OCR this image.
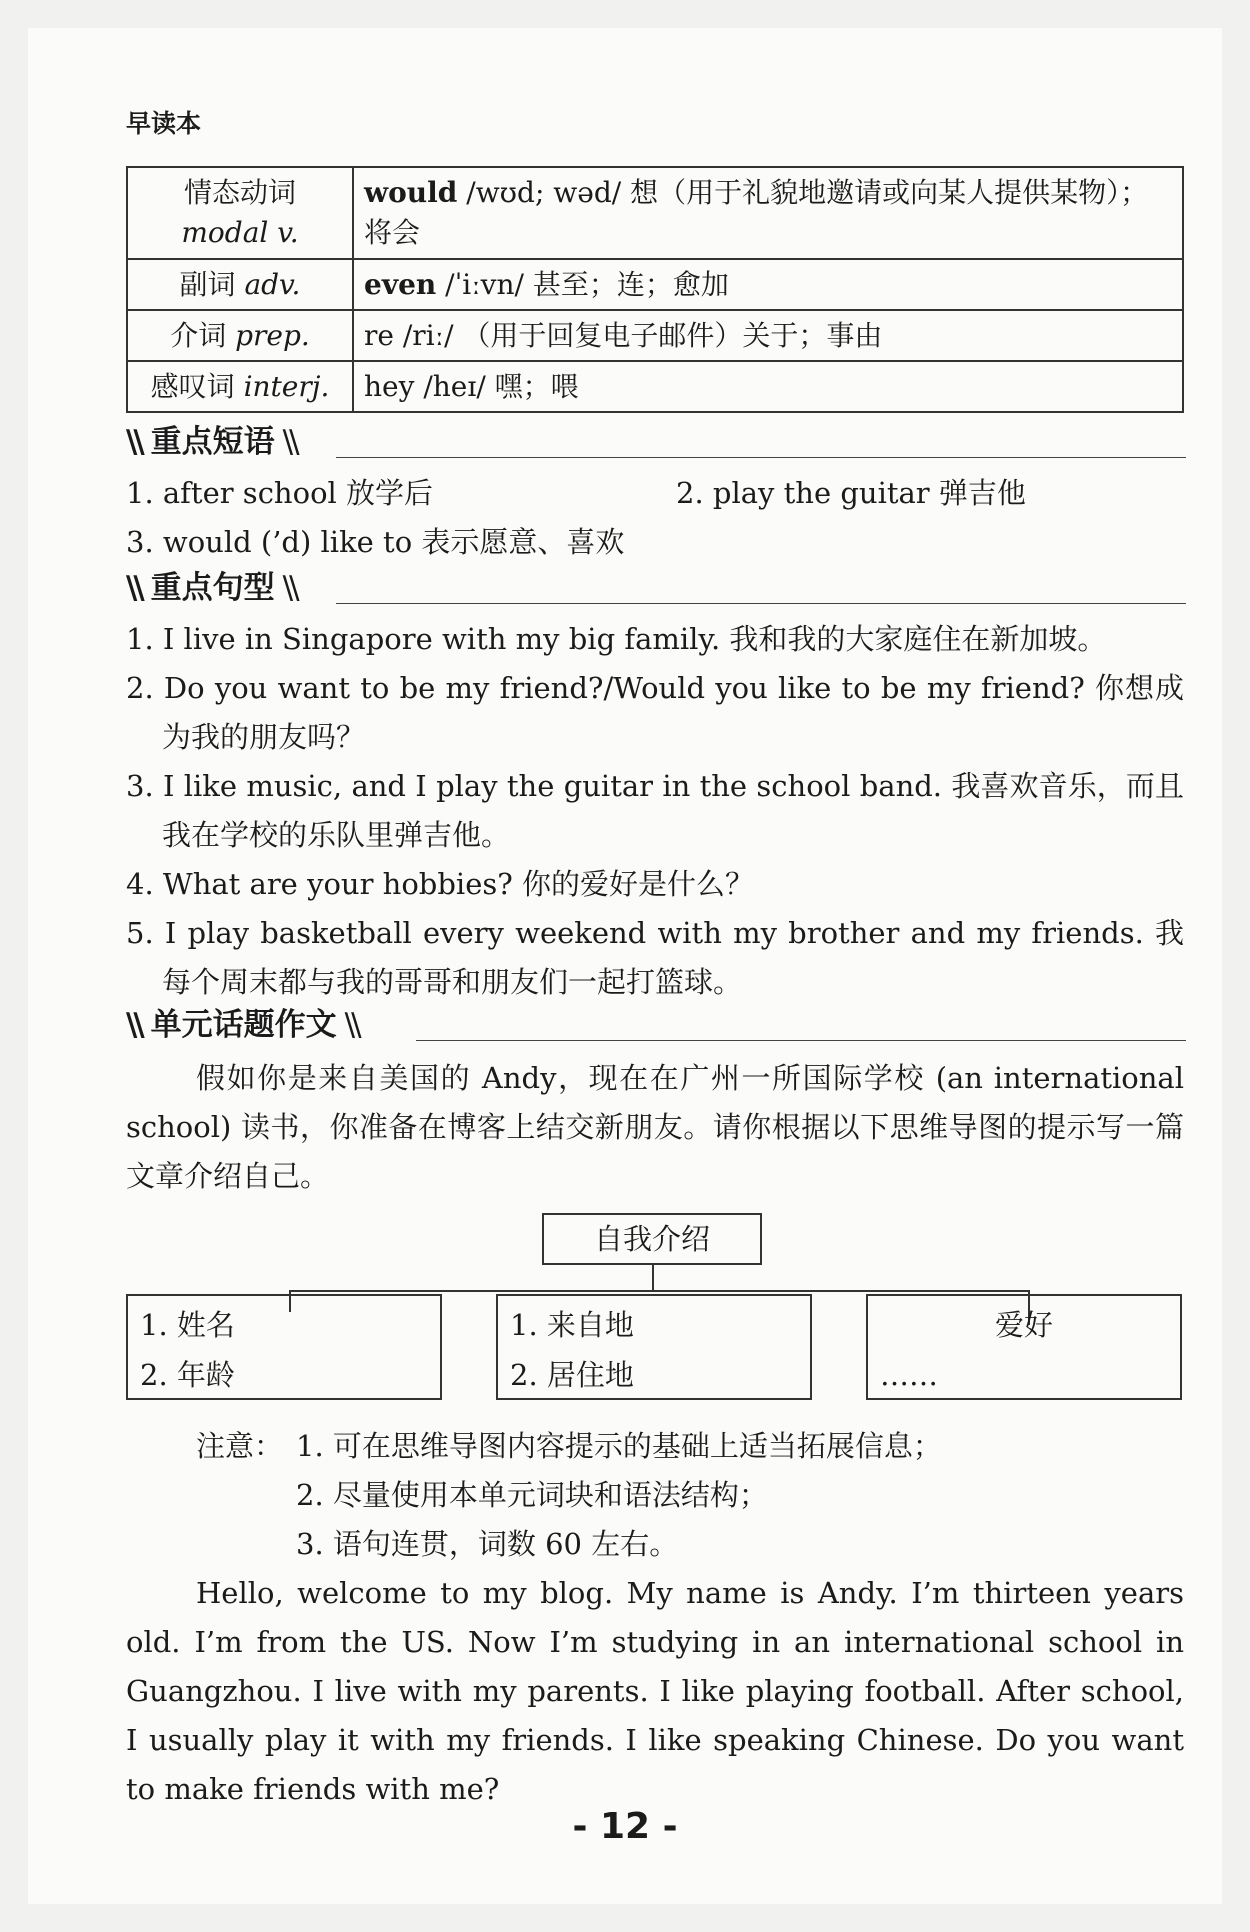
早读本
情态动词
modal v.	would /wʊd; wəd/ 想（用于礼貌地邀请或向某人提供某物）；将会
副词 adv.	even /ˈiːvn/ 甚至；连；愈加
介词 prep.	re /riː/ （用于回复电子邮件）关于；事由
感叹词 interj.	hey /heɪ/ 嘿；喂
\\ 重点短语 \\
1. after school 放学后	2. play the guitar 弹吉他
3. would (’d) like to 表示愿意、喜欢
\\ 重点句型 \\
1. I live in Singapore with my big family. 我和我的大家庭住在新加坡。
2. Do you want to be my friend?/Would you like to be my friend? 你想成为我的朋友吗？
3. I like music, and I play the guitar in the school band. 我喜欢音乐，而且我在学校的乐队里弹吉他。
4. What are your hobbies? 你的爱好是什么？
5. I play basketball every weekend with my brother and my friends. 我每个周末都与我的哥哥和朋友们一起打篮球。
\\ 单元话题作文 \\
假如你是来自美国的 Andy，现在在广州一所国际学校 (an international school) 读书，你准备在博客上结交新朋友。请你根据以下思维导图的提示写一篇文章介绍自己。
自我介绍
1. 姓名
2. 年龄
1. 来自地
2. 居住地
爱好
……
注意： 1. 可在思维导图内容提示的基础上适当拓展信息；
2. 尽量使用本单元词块和语法结构；
3. 语句连贯，词数 60 左右。
Hello, welcome to my blog. My name is Andy. I’m thirteen years old. I’m from the US. Now I’m studying in an international school in Guangzhou. I live with my parents. I like playing football. After school, I usually play it with my friends. I like speaking Chinese. Do you want to make friends with me?
- 12 -
